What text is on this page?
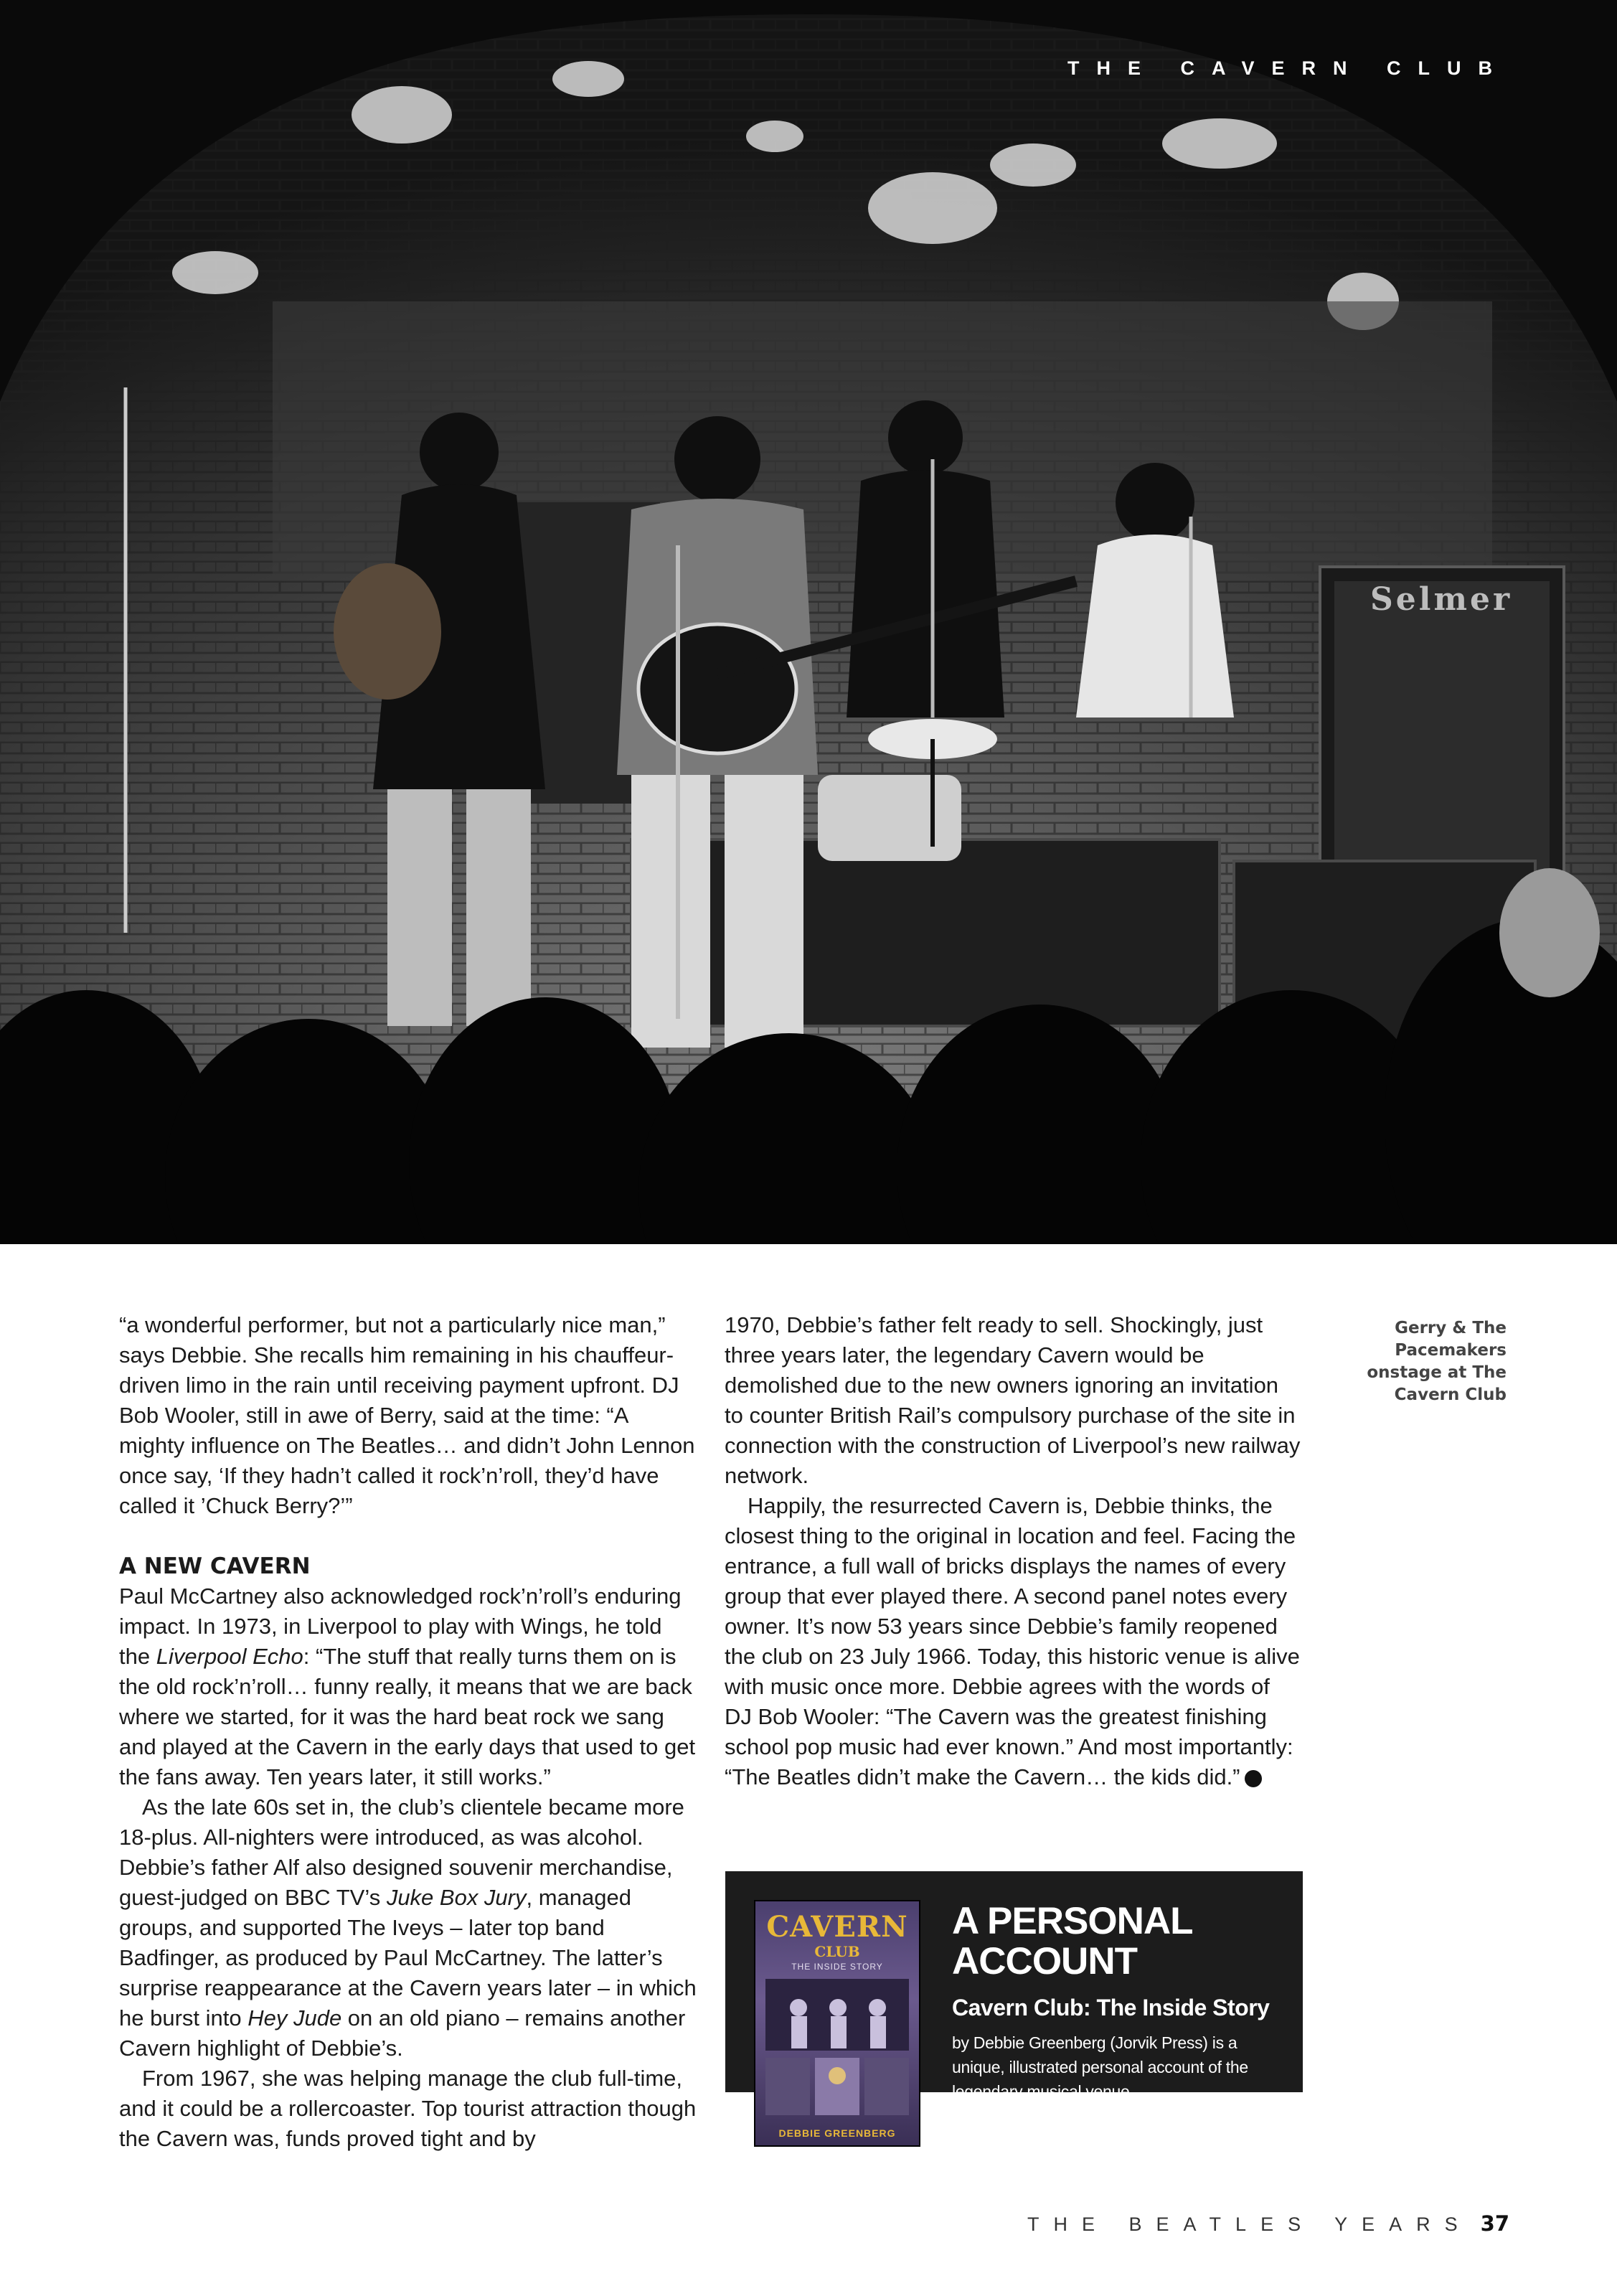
Selmer
THE CAVERN CLUB

“a wonderful performer, but not a particularly nice man,” says Debbie. She recalls him remaining in his chauffeur-driven limo in the rain until receiving payment upfront. DJ Bob Wooler, still in awe of Berry, said at the time: “A mighty influence on The Beatles… and didn’t John Lennon once say, ‘If they hadn’t called it rock’n’roll, they’d have called it ’Chuck Berry?’”

A NEW CAVERN

Paul McCartney also acknowledged rock’n’roll’s enduring impact. In 1973, in Liverpool to play with Wings, he told the Liverpool Echo: “The stuff that really turns them on is the old rock’n’roll… funny really, it means that we are back where we started, for it was the hard beat rock we sang and played at the Cavern in the early days that used to get the fans away. Ten years later, it still works.”

As the late 60s set in, the club’s clientele became more 18-plus. All-nighters were introduced, as was alcohol. Debbie’s father Alf also designed souvenir merchandise, guest-judged on BBC TV’s Juke Box Jury, managed groups, and supported The Iveys – later top band Badfinger, as produced by Paul McCartney. The latter’s surprise reappearance at the Cavern years later – in which he burst into Hey Jude on an old piano – remains another Cavern highlight of Debbie’s.

From 1967, she was helping manage the club full-time, and it could be a rollercoaster. Top tourist attraction though the Cavern was, funds proved tight and by

1970, Debbie’s father felt ready to sell. Shockingly, just three years later, the legendary Cavern would be demolished due to the new owners ignoring an invitation to counter British Rail’s compulsory purchase of the site in connection with the construction of Liverpool’s new railway network.

Happily, the resurrected Cavern is, Debbie thinks, the closest thing to the original in location and feel. Facing the entrance, a full wall of bricks displays the names of every group that ever played there. A second panel notes every owner. It’s now 53 years since Debbie’s family reopened the club on 23 July 1966. Today, this historic venue is alive with music once more. Debbie agrees with the words of DJ Bob Wooler: “The Cavern was the greatest finishing school pop music had ever known.” And most importantly: “The Beatles didn’t make the Cavern… the kids did.”

Gerry & The Pacemakers onstage at The Cavern Club
CAVERN
CLUB
THE INSIDE STORY
DEBBIE GREENBERG
A PERSONAL ACCOUNT
Cavern Club: The Inside Story
by Debbie Greenberg (Jorvik Press) is a unique, illustrated personal account of the legendary musical venue.
Available on Amazon.
THE BEATLES YEARS 37
